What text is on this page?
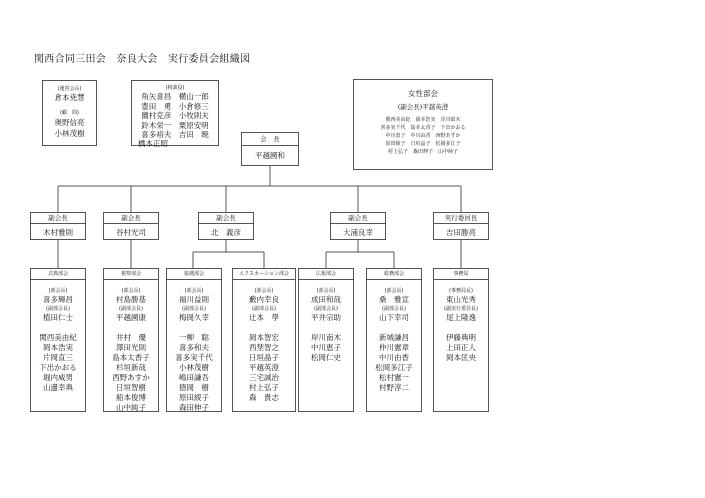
関西合同三田会　奈良大会　実行委員会組織図
(運営会長)
倉本尭慧
(顧　問)
奥野信亮
小林茂樹
(相談役)
角矢喜昌　横山一郎
豊田　勇　小倉修三
薗村克彦　小牧則夫
鈴木栄一　栗原安明
喜多裕夫　吉田　暁
橋本正昭
女性部会
(副会長)平越英澄
関西美由紀　岡本浩実　岸川昭木
喜多実千代　島本太香子　下出かおる
中川恵子　中川由香　西野あすか
原田綾子　日垣晶子　松岡多江子
村上弘子　森田伸子　山中純子
会　長
平越國和
副会長
木村雅則
副会長
谷村光司
副会長
北　義彦
副会長
大浦良幸
実行委員長
吉田勝亮
式典部会
(部会長)
喜多輝昌
(副部会長)
植田仁士
関西美由紀
岡本浩実
片岡直三
下出かおる
堀内威男
山邊幸典
視察部会
(部会長)
村島勝基
(副部会長)
平越國康
井村　優
澤田光則
島本太香子
杉垣新哉
西野あすか
日垣智樹
船本俊博
山中純子
接遇部会
(部会長)
福川益則
(副部会長)
梅岡久幸
一柳　聡
喜多和夫
喜多実千代
小林茂樹
嶋田謙吾
徳岡　樹
原田綾子
森田伸子
エクスカーション部会
(部会長)
藪内幸良
(副部会長)
辻本　學
岡本智宏
西埜智之
日垣晶子
平越英澄
三宅誠治
村上弘子
森　貴志
広報部会
(部会長)
成田和哉
(副部会長)
平井宗助
岸川南木
中川恵子
松岡仁史
総務部会
(部会長)
桑　雅宣
(副部会長)
山下幸司
新城謙昌
仲川憲章
中川由香
松岡多江子
松村憲一
村野淳二
事務局
(事務局長)
東山光秀
(副実行委員長)
尾上隆逸
伊藤典明
上田正人
岡本匡央
